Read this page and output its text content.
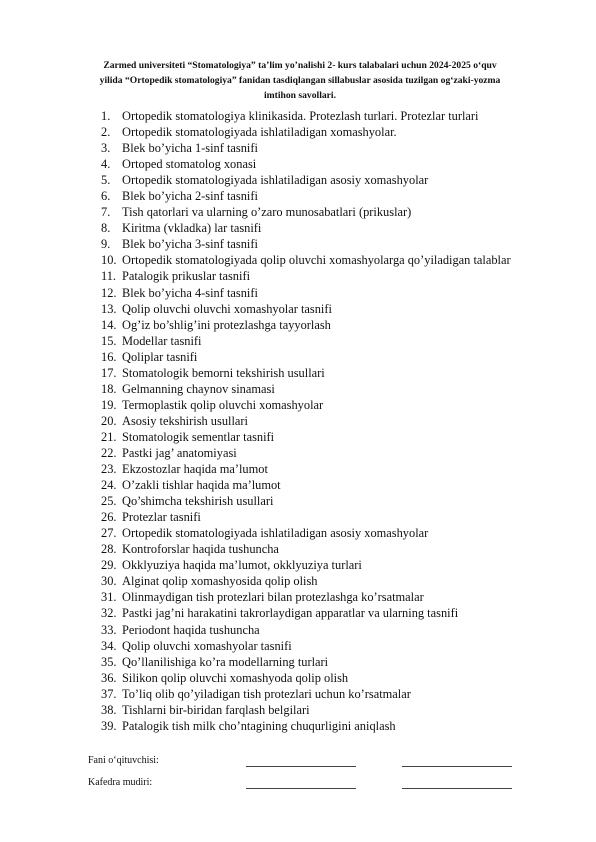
Zarmed universiteti “Stomatologiya” ta’lim yo’nalishi 2- kurs talabalari uchun 2024-2025 o‘quv
yilida “Ortopedik stomatologiya” fanidan tasdiqlangan sillabuslar asosida tuzilgan og‘zaki-yozma
imtihon savollari.
1. Ortopedik stomatologiya klinikasida. Protezlash turlari. Protezlar turlari
2. Ortopedik stomatologiyada ishlatiladigan xomashyolar.
3. Blek bo’yicha 1-sinf tasnifi
4. Ortoped stomatolog xonasi
5. Ortopedik stomatologiyada ishlatiladigan asosiy xomashyolar
6. Blek bo’yicha 2-sinf tasnifi
7. Tish qatorlari va ularning o’zaro munosabatlari (prikuslar)
8. Kiritma (vkladka) lar tasnifi
9. Blek bo’yicha 3-sinf tasnifi
10. Ortopedik stomatologiyada qolip oluvchi xomashyolarga qo’yiladigan talablar
11. Patalogik prikuslar tasnifi
12. Blek bo’yicha 4-sinf tasnifi
13. Qolip oluvchi oluvchi xomashyolar tasnifi
14. Og’iz bo’shlig’ini protezlashga tayyorlash
15. Modellar tasnifi
16. Qoliplar tasnifi
17. Stomatologik bemorni tekshirish usullari
18. Gelmanning chaynov sinamasi
19. Termoplastik qolip oluvchi xomashyolar
20. Asosiy tekshirish usullari
21. Stomatologik sementlar tasnifi
22. Pastki jag’ anatomiyasi
23. Ekzostozlar haqida ma’lumot
24. O’zakli tishlar haqida ma’lumot
25. Qo’shimcha tekshirish usullari
26. Protezlar tasnifi
27. Ortopedik stomatologiyada ishlatiladigan asosiy xomashyolar
28. Kontroforslar haqida tushuncha
29. Okklyuziya haqida ma’lumot, okklyuziya turlari
30. Alginat qolip xomashyosida qolip olish
31. Olinmaydigan tish protezlari bilan protezlashga ko’rsatmalar
32. Pastki jag’ni harakatini takrorlaydigan apparatlar va ularning tasnifi
33. Periodont haqida tushuncha
34. Qolip oluvchi xomashyolar tasnifi
35. Qo’llanilishiga ko’ra modellarning turlari
36. Silikon qolip oluvchi xomashyoda qolip olish
37. To’liq olib qo’yiladigan tish protezlari uchun ko’rsatmalar
38. Tishlarni bir-biridan farqlash belgilari
39. Patalogik tish milk cho’ntagining chuqurligini aniqlash
Fani o‘qituvchisi:
Kafedra mudiri:
